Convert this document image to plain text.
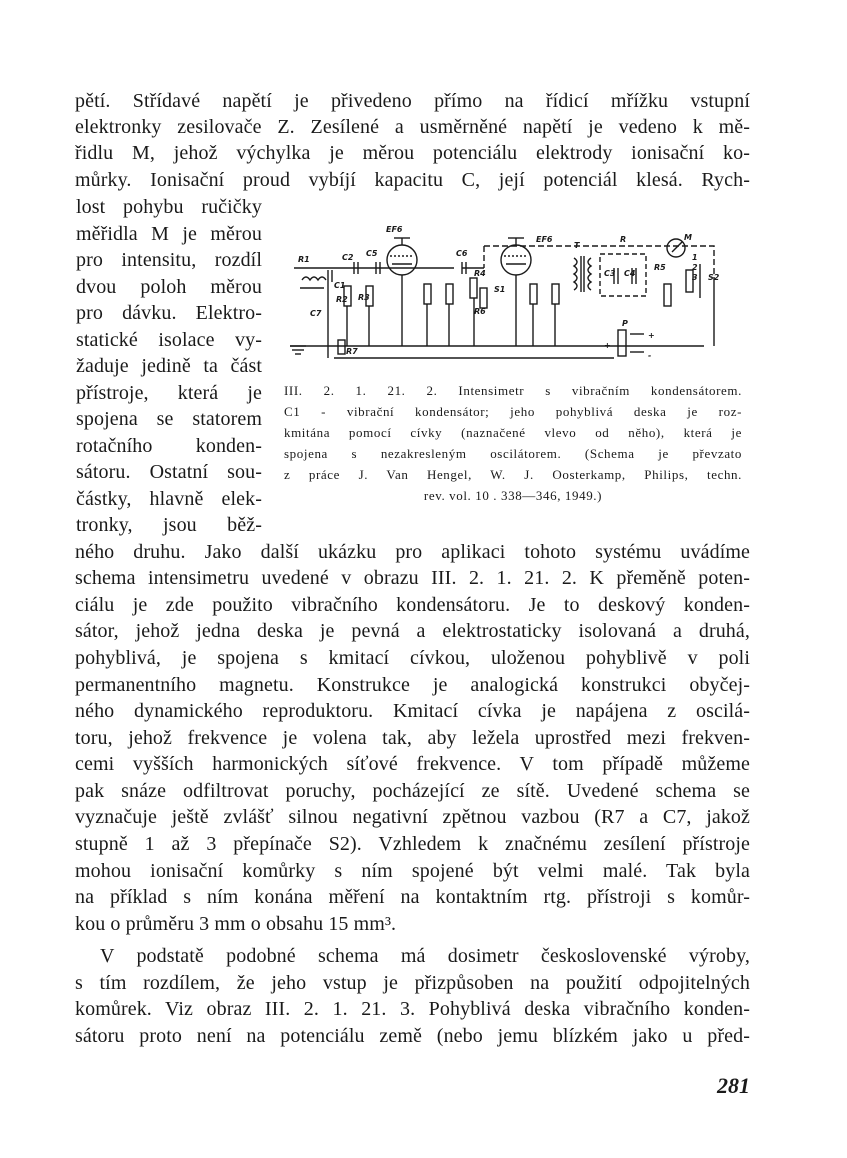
pětí. Střídavé napětí je přivedeno přímo na řídicí mřížku vstupní
elektronky zesilovače Z. Zesílené a usměrněné napětí je vedeno k mě-
řidlu M, jehož výchylka je měrou potenciálu elektrody ionisační ko-
můrky. Ionisační proud vybíjí kapacitu C, její potenciál klesá. Rych-
lost pohybu ručičky
měřidla M je měrou
pro intensitu, rozdíl
dvou poloh měrou
pro dávku. Elektro-
statické isolace vy-
žaduje jedině ta část
přístroje, která je
spojena se statorem
rotačního konden-
sátoru. Ostatní sou-
částky, hlavně elek-
tronky, jsou běž-
EF6
EF6
R1	C2 C5
C1
R2 R3
C7
R7
C6
R4
R6
S1
T
R
C3 C4
M
R5
S2
P
+
+
-
1
2
3
III. 2. 1. 21. 2. Intensimetr s vibračním kondensátorem.
C1 - vibrační kondensátor; jeho pohyblivá deska je roz-
kmitána pomocí cívky (naznačené vlevo od něho), která je
spojena s nezakresleným oscilátorem. (Schema je převzato
z práce J. Van Hengel, W. J. Oosterkamp, Philips, techn.
rev. vol. 10 . 338—346, 1949.)
ného druhu. Jako další ukázku pro aplikaci tohoto systému uvádíme
schema intensimetru uvedené v obrazu III. 2. 1. 21. 2. K přeměně poten-
ciálu je zde použito vibračního kondensátoru. Je to deskový konden-
sátor, jehož jedna deska je pevná a elektrostaticky isolovaná a druhá,
pohyblivá, je spojena s kmitací cívkou, uloženou pohyblivě v poli
permanentního magnetu. Konstrukce je analogická konstrukci obyčej-
ného dynamického reproduktoru. Kmitací cívka je napájena z oscilá-
toru, jehož frekvence je volena tak, aby ležela uprostřed mezi frekven-
cemi vyšších harmonických síťové frekvence. V tom případě můžeme
pak snáze odfiltrovat poruchy, pocházející ze sítě. Uvedené schema se
vyznačuje ještě zvlášť silnou negativní zpětnou vazbou (R7 a C7, jakož
stupně 1 až 3 přepínače S2). Vzhledem k značnému zesílení přístroje
mohou ionisační komůrky s ním spojené být velmi malé. Tak byla
na příklad s ním konána měření na kontaktním rtg. přístroji s komůr-
kou o průměru 3 mm o obsahu 15 mm³.
V podstatě podobné schema má dosimetr československé výroby,
s tím rozdílem, že jeho vstup je přizpůsoben na použití odpojitelných
komůrek. Viz obraz III. 2. 1. 21. 3. Pohyblivá deska vibračního konden-
sátoru proto není na potenciálu země (nebo jemu blízkém jako u před-
281
